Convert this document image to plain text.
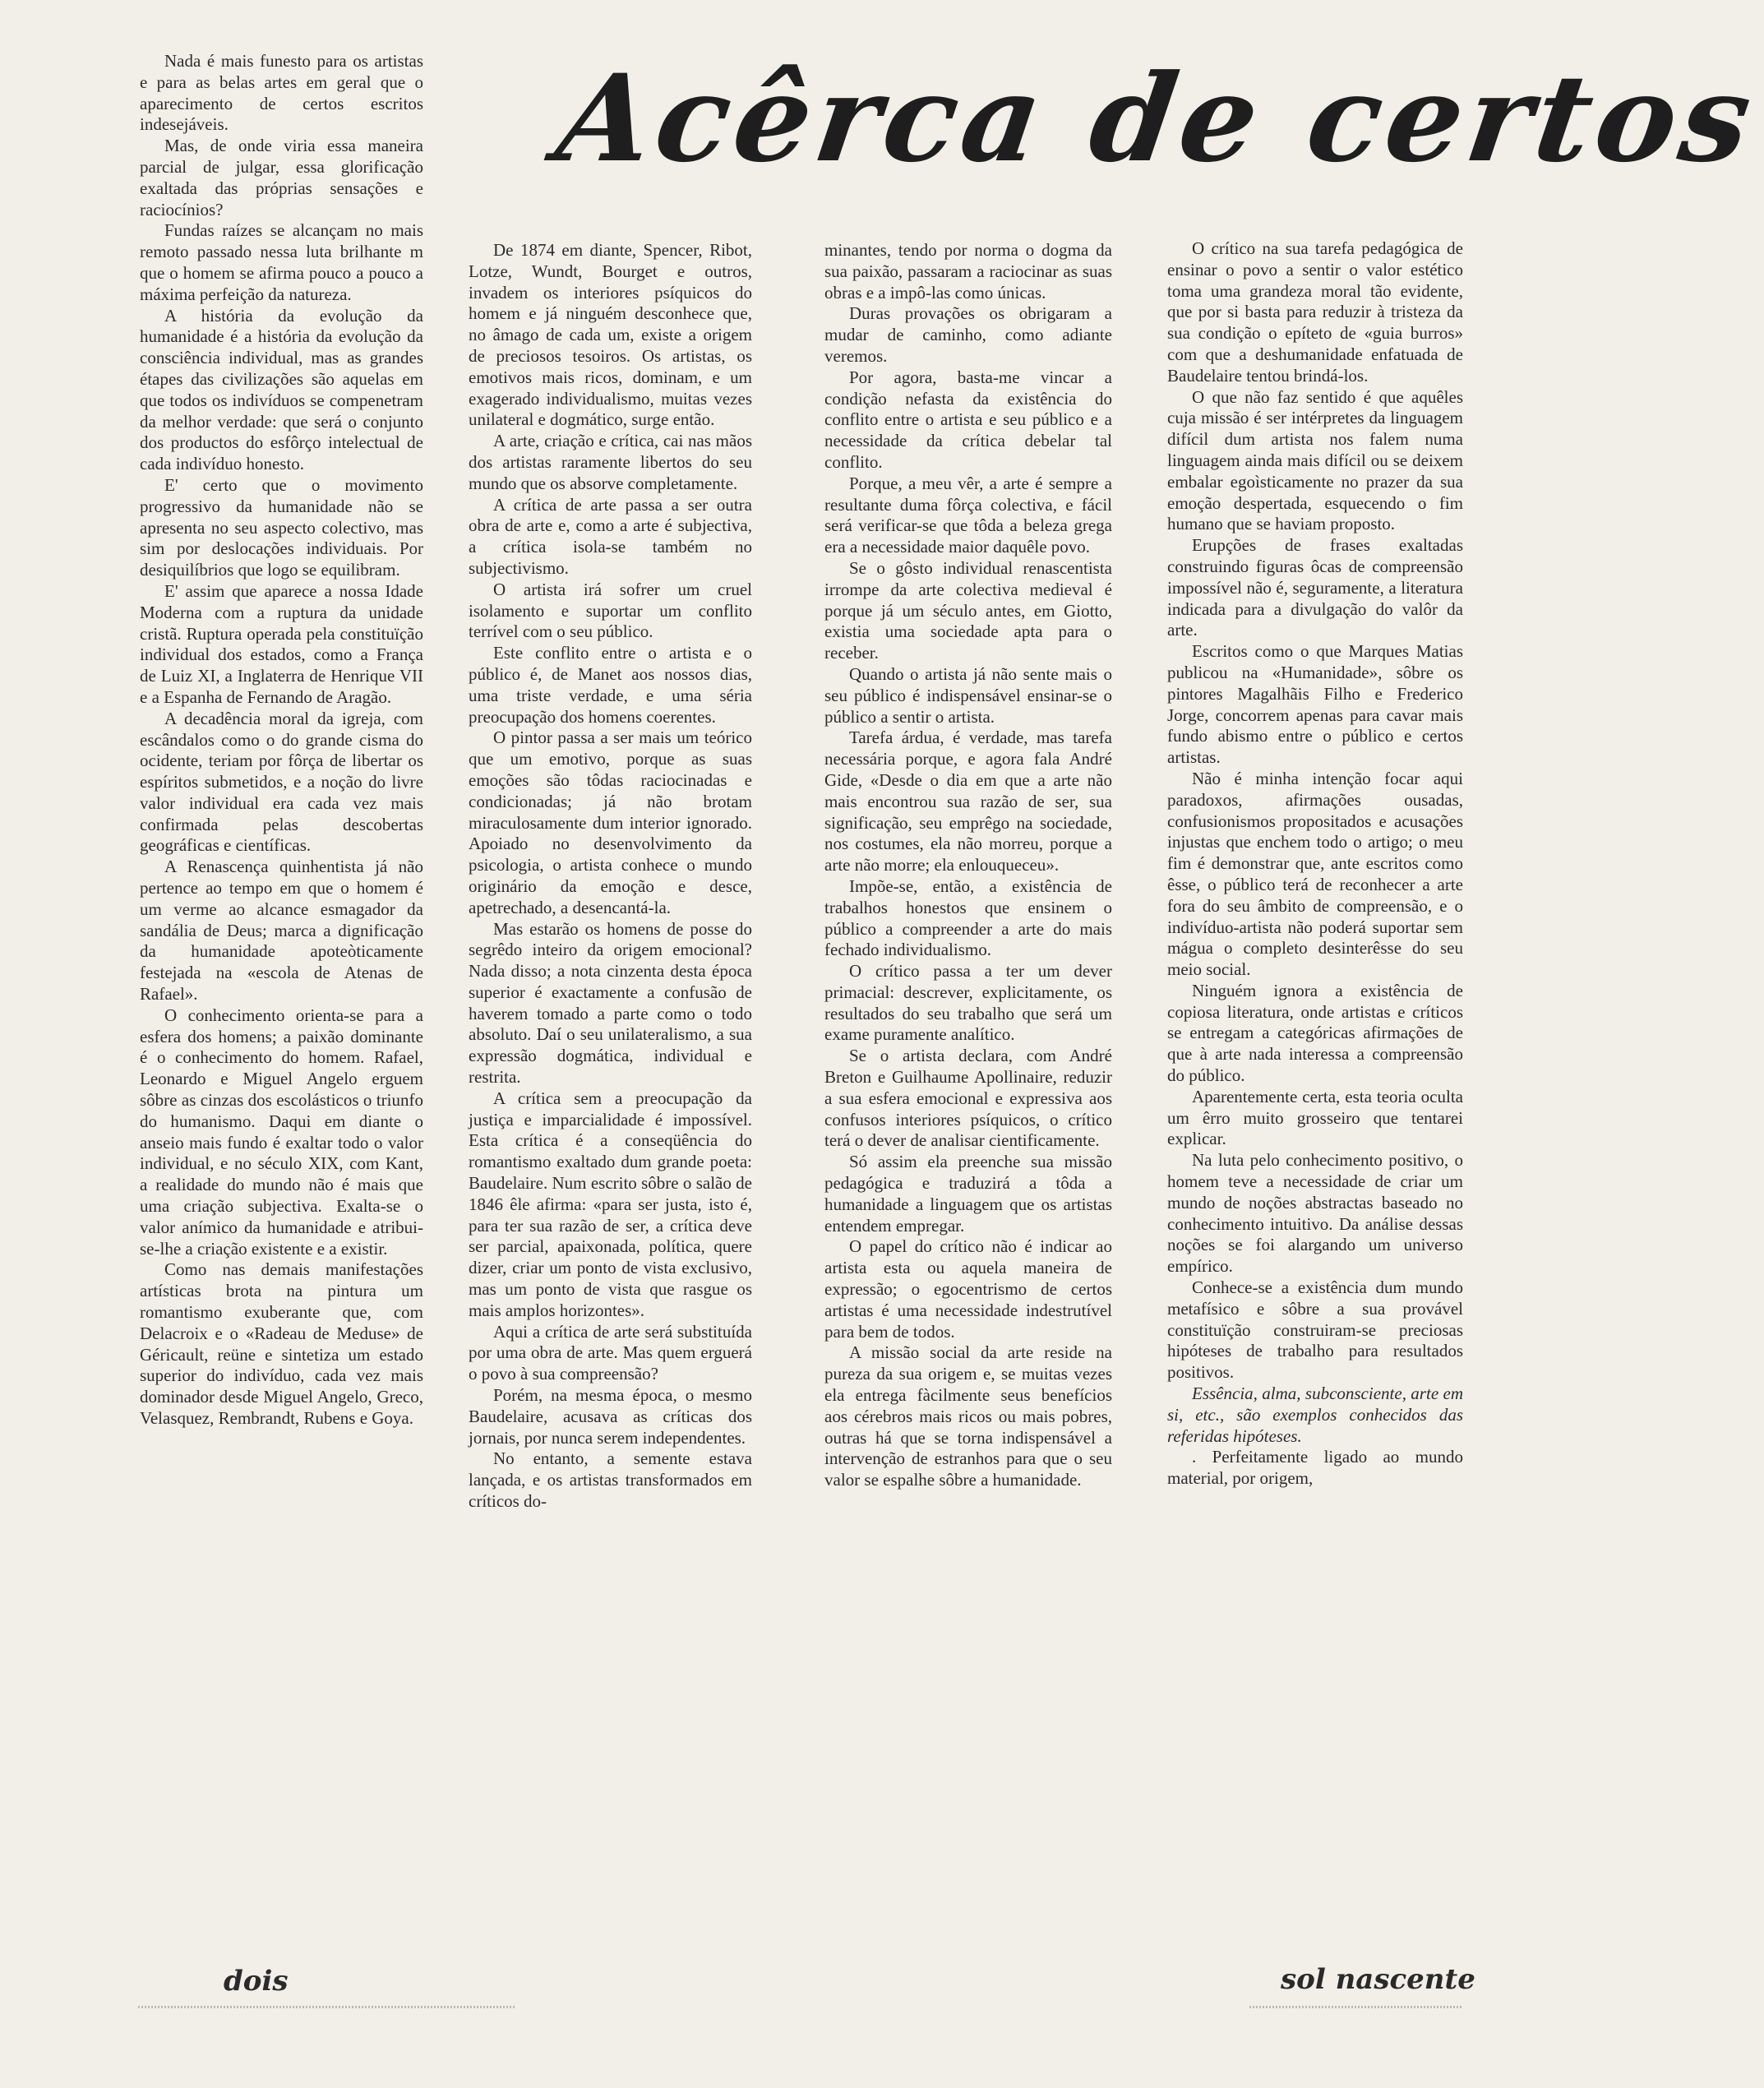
Acêrca de certos

Nada é mais funesto para os artistas e para as belas artes em geral que o aparecimento de certos escritos indesejáveis.

Mas, de onde viria essa maneira parcial de julgar, essa glorificação exaltada das próprias sensações e raciocínios?

Fundas raízes se alcançam no mais remoto passado nessa luta brilhante m que o homem se afirma pouco a pouco a máxima perfeição da natureza.

A história da evolução da humanidade é a história da evolução da consciência individual, mas as grandes étapes das civilizações são aquelas em que todos os indivíduos se compenetram da melhor verdade: que será o conjunto dos productos do esfôrço intelectual de cada indivíduo honesto.

E' certo que o movimento progressivo da humanidade não se apresenta no seu aspecto colectivo, mas sim por deslocações individuais. Por desiquilíbrios que logo se equilibram.

E' assim que aparece a nossa Idade Moderna com a ruptura da unidade cristã. Ruptura operada pela constituïção individual dos estados, como a França de Luiz XI, a Inglaterra de Henrique VII e a Espanha de Fernando de Aragão.

A decadência moral da igreja, com escândalos como o do grande cisma do ocidente, teriam por fôrça de libertar os espíritos submetidos, e a noção do livre valor individual era cada vez mais confirmada pelas descobertas geográficas e científicas.

A Renascença quinhentista já não pertence ao tempo em que o homem é um verme ao alcance esmagador da sandália de Deus; marca a dignificação da humanidade apoteòticamente festejada na «escola de Atenas de Rafael».

O conhecimento orienta-se para a esfera dos homens; a paixão dominante é o conhecimento do homem. Rafael, Leonardo e Miguel Angelo erguem sôbre as cinzas dos escolásticos o triunfo do humanismo. Daqui em diante o anseio mais fundo é exaltar todo o valor individual, e no século XIX, com Kant, a realidade do mundo não é mais que uma criação subjectiva. Exalta-se o valor anímico da humanidade e atribui-se-lhe a criação existente e a existir.

Como nas demais manifestações artísticas brota na pintura um romantismo exuberante que, com Delacroix e o «Radeau de Meduse» de Géricault, reüne e sintetiza um estado superior do indivíduo, cada vez mais dominador desde Miguel Angelo, Greco, Velasquez, Rembrandt, Rubens e Goya.

De 1874 em diante, Spencer, Ribot, Lotze, Wundt, Bourget e outros, invadem os interiores psíquicos do homem e já ninguém desconhece que, no âmago de cada um, existe a origem de preciosos tesoiros. Os artistas, os emotivos mais ricos, dominam, e um exagerado individualismo, muitas vezes unilateral e dogmático, surge então.

A arte, criação e crítica, cai nas mãos dos artistas raramente libertos do seu mundo que os absorve completamente.

A crítica de arte passa a ser outra obra de arte e, como a arte é subjectiva, a crítica isola-se também no subjectivismo.

O artista irá sofrer um cruel isolamento e suportar um conflito terrível com o seu público.

Este conflito entre o artista e o público é, de Manet aos nossos dias, uma triste verdade, e uma séria preocupação dos homens coerentes.

O pintor passa a ser mais um teórico que um emotivo, porque as suas emoções são tôdas raciocinadas e condicionadas; já não brotam miraculosamente dum interior ignorado. Apoiado no desenvolvimento da psicologia, o artista conhece o mundo originário da emoção e desce, apetrechado, a desencantá-la.

Mas estarão os homens de posse do segrêdo inteiro da origem emocional? Nada disso; a nota cinzenta desta época superior é exactamente a confusão de haverem tomado a parte como o todo absoluto. Daí o seu unilateralismo, a sua expressão dogmática, individual e restrita.

A crítica sem a preocupação da justiça e imparcialidade é impossível. Esta crítica é a conseqüência do romantismo exaltado dum grande poeta: Baudelaire. Num escrito sôbre o salão de 1846 êle afirma: «para ser justa, isto é, para ter sua razão de ser, a crítica deve ser parcial, apaixonada, política, quere dizer, criar um ponto de vista exclusivo, mas um ponto de vista que rasgue os mais amplos horizontes».

Aqui a crítica de arte será substituída por uma obra de arte. Mas quem erguerá o povo à sua compreensão?

Porém, na mesma época, o mesmo Baudelaire, acusava as críticas dos jornais, por nunca serem independentes.

No entanto, a semente estava lançada, e os artistas transformados em críticos do-

minantes, tendo por norma o dogma da sua paixão, passaram a raciocinar as suas obras e a impô-las como únicas.

Duras provações os obrigaram a mudar de caminho, como adiante veremos.

Por agora, basta-me vincar a condição nefasta da existência do conflito entre o artista e seu público e a necessidade da crítica debelar tal conflito.

Porque, a meu vêr, a arte é sempre a resultante duma fôrça colectiva, e fácil será verificar-se que tôda a beleza grega era a necessidade maior daquêle povo.

Se o gôsto individual renascentista irrompe da arte colectiva medieval é porque já um século antes, em Giotto, existia uma sociedade apta para o receber.

Quando o artista já não sente mais o seu público é indispensável ensinar-se o público a sentir o artista.

Tarefa árdua, é verdade, mas tarefa necessária porque, e agora fala André Gide, «Desde o dia em que a arte não mais encontrou sua razão de ser, sua significação, seu emprêgo na sociedade, nos costumes, ela não morreu, porque a arte não morre; ela enlouqueceu».

Impõe-se, então, a existência de trabalhos honestos que ensinem o público a compreender a arte do mais fechado individualismo.

O crítico passa a ter um dever primacial: descrever, explicitamente, os resultados do seu trabalho que será um exame puramente analítico.

Se o artista declara, com André Breton e Guilhaume Apollinaire, reduzir a sua esfera emocional e expressiva aos confusos interiores psíquicos, o crítico terá o dever de analisar cientificamente.

Só assim ela preenche sua missão pedagógica e traduzirá a tôda a humanidade a linguagem que os artistas entendem empregar.

O papel do crítico não é indicar ao artista esta ou aquela maneira de expressão; o egocentrismo de certos artistas é uma necessidade indestrutível para bem de todos.

A missão social da arte reside na pureza da sua origem e, se muitas vezes ela entrega fàcilmente seus benefícios aos cérebros mais ricos ou mais pobres, outras há que se torna indispensável a intervenção de estranhos para que o seu valor se espalhe sôbre a humanidade.

O crítico na sua tarefa pedagógica de ensinar o povo a sentir o valor estético toma uma grandeza moral tão evidente, que por si basta para reduzir à tristeza da sua condição o epíteto de «guia burros» com que a deshumanidade enfatuada de Baudelaire tentou brindá-los.

O que não faz sentido é que aquêles cuja missão é ser intérpretes da linguagem difícil dum artista nos falem numa linguagem ainda mais difícil ou se deixem embalar egoìsticamente no prazer da sua emoção despertada, esquecendo o fim humano que se haviam proposto.

Erupções de frases exaltadas construindo figuras ôcas de compreensão impossível não é, seguramente, a literatura indicada para a divulgação do valôr da arte.

Escritos como o que Marques Matias publicou na «Humanidade», sôbre os pintores Magalhãis Filho e Frederico Jorge, concorrem apenas para cavar mais fundo abismo entre o público e certos artistas.

Não é minha intenção focar aqui paradoxos, afirmações ousadas, confusionismos propositados e acusações injustas que enchem todo o artigo; o meu fim é demonstrar que, ante escritos como êsse, o público terá de reconhecer a arte fora do seu âmbito de compreensão, e o indivíduo-artista não poderá suportar sem mágua o completo desinterêsse do seu meio social.

Ninguém ignora a existência de copiosa literatura, onde artistas e críticos se entregam a categóricas afirmações de que à arte nada interessa a compreensão do público.

Aparentemente certa, esta teoria oculta um êrro muito grosseiro que tentarei explicar.

Na luta pelo conhecimento positivo, o homem teve a necessidade de criar um mundo de noções abstractas baseado no conhecimento intuitivo. Da análise dessas noções se foi alargando um universo empírico.

Conhece-se a existência dum mundo metafísico e sôbre a sua provável constituïção construiram-se preciosas hipóteses de trabalho para resultados positivos.

Essência, alma, subconsciente, arte em si, etc., são exemplos conhecidos das referidas hipóteses.

. Perfeitamente ligado ao mundo material, por origem,

dois	sol nascente
